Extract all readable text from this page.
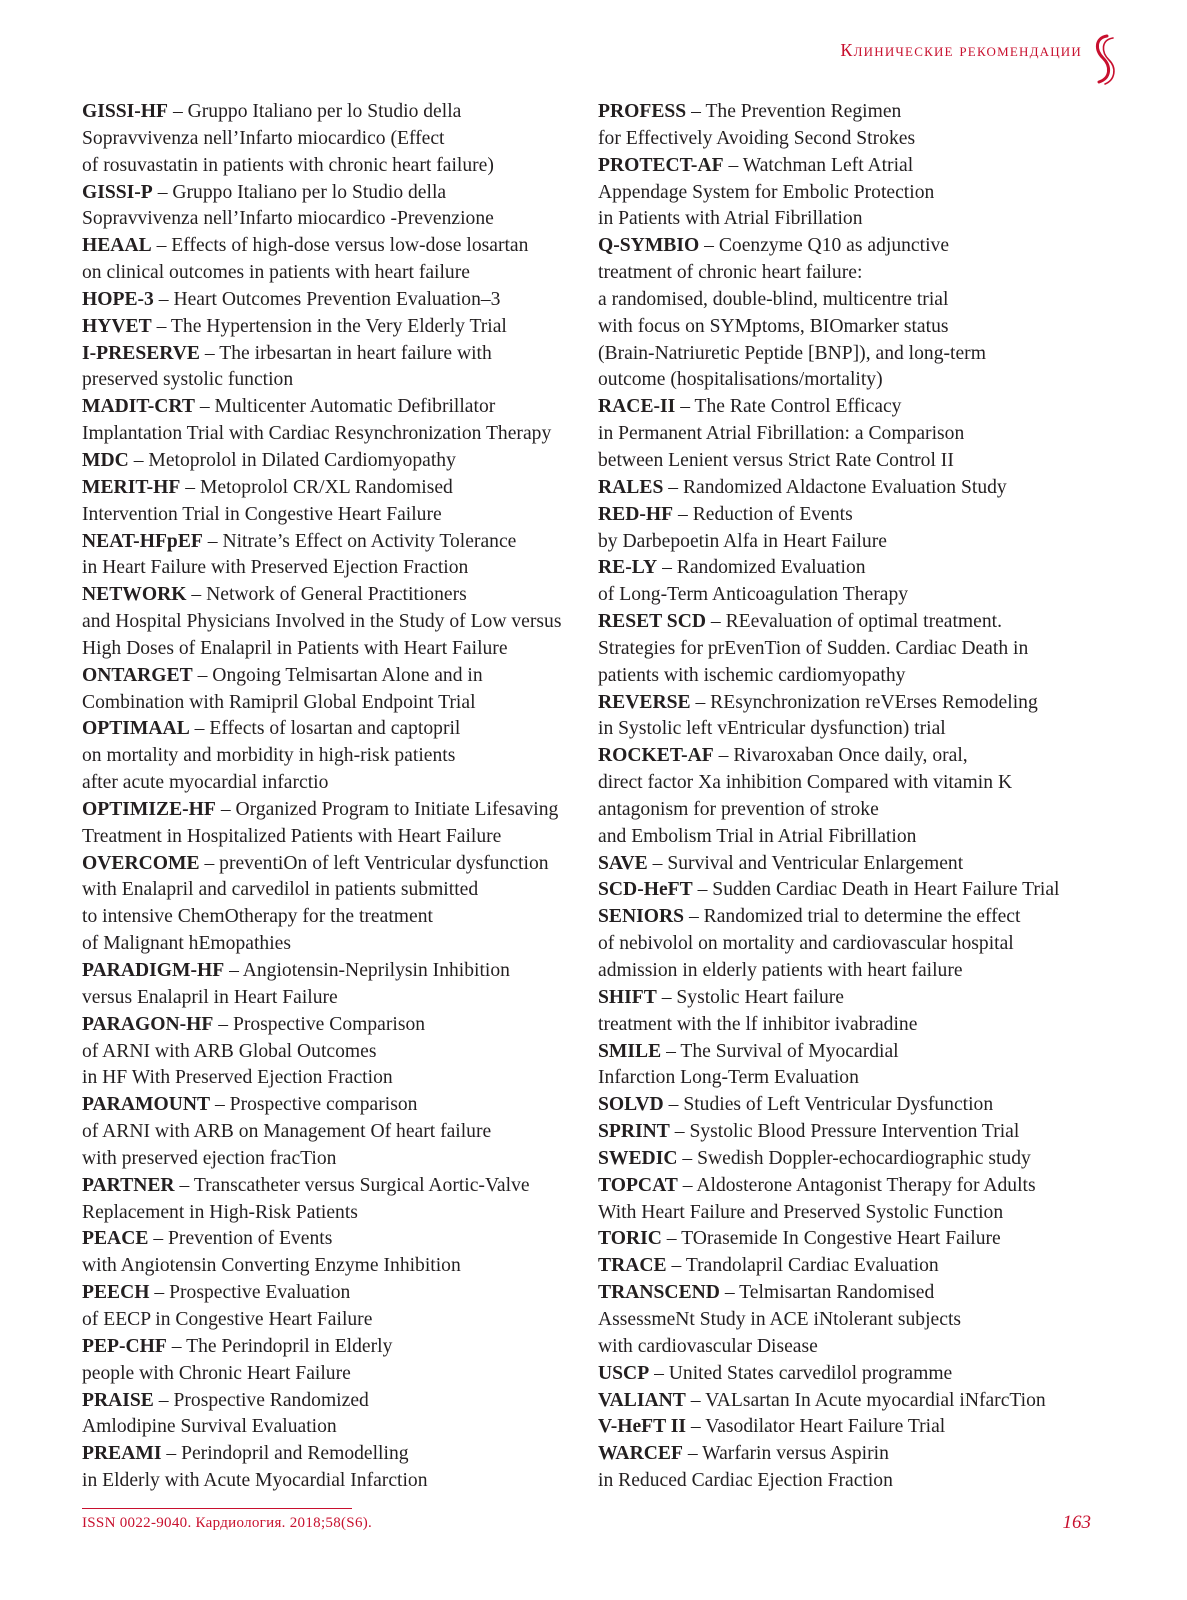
Клинические рекомендации
GISSI-HF – Gruppo Italiano per lo Studio della
Sopravvivenza nell’Infarto miocardico (Effect
of rosuvastatin in patients with chronic heart failure)
GISSI-P – Gruppo Italiano per lo Studio della
Sopravvivenza nell’Infarto miocardico -Prevenzione
HEAAL – Effects of high-dose versus low-dose losartan
on clinical outcomes in patients with heart failure
HOPE-3 – Heart Outcomes Prevention Evaluation–3
HYVET – The Hypertension in the Very Elderly Trial
I-PRESERVE – The irbesartan in heart failure with
preserved systolic function
MADIT-CRT – Multicenter Automatic Defibrillator
Implantation Trial with Cardiac Resynchronization Therapy
MDC – Metoprolol in Dilated Cardiomyopathy
MERIT-HF – Metoprolol CR/XL Randomised
Intervention Trial in Congestive Heart Failure
NEAT-HFpEF – Nitrate’s Effect on Activity Tolerance
in Heart Failure with Preserved Ejection Fraction
NETWORK – Network of General Practitioners
and Hospital Physicians Involved in the Study of Low versus
High Doses of Enalapril in Patients with Heart Failure
ONTARGET – Ongoing Telmisartan Alone and in
Combination with Ramipril Global Endpoint Trial
OPTIMAAL – Effects of losartan and captopril
on mortality and morbidity in high-risk patients
after acute myocardial infarctio
OPTIMIZE-HF – Organized Program to Initiate Lifesaving
Treatment in Hospitalized Patients with Heart Failure
OVERCOME – preventiOn of left Ventricular dysfunction
with Enalapril and carvedilol in patients submitted
to intensive ChemOtherapy for the treatment
of Malignant hEmopathies
PARADIGM-HF – Angiotensin-Neprilysin Inhibition
versus Enalapril in Heart Failure
PARAGON-HF – Prospective Comparison
of ARNI with ARB Global Outcomes
in HF With Preserved Ejection Fraction
PARAMOUNT – Prospective comparison
of ARNI with ARB on Management Of heart failure
with preserved ejection fracTion
PARTNER – Transcatheter versus Surgical Aortic-Valve
Replacement in High-Risk Patients
PEACE – Prevention of Events
with Angiotensin Converting Enzyme Inhibition
PEECH – Prospective Evaluation
of EECP in Congestive Heart Failure
PEP-CHF – The Perindopril in Elderly
people with Chronic Heart Failure
PRAISE – Prospective Randomized
Amlodipine Survival Evaluation
PREAMI – Perindopril and Remodelling
in Elderly with Acute Myocardial Infarction
PROFESS – The Prevention Regimen
for Effectively Avoiding Second Strokes
PROTECT-AF – Watchman Left Atrial
Appendage System for Embolic Protection
in Patients with Atrial Fibrillation
Q-SYMBIO – Coenzyme Q10 as adjunctive
treatment of chronic heart failure:
a randomised, double-blind, multicentre trial
with focus on SYMptoms, BIOmarker status
(Brain-Natriuretic Peptide [BNP]), and long-term
outcome (hospitalisations/mortality)
RACE-II – The Rate Control Efficacy
in Permanent Atrial Fibrillation: a Comparison
between Lenient versus Strict Rate Control II
RALES – Randomized Aldactone Evaluation Study
RED-HF – Reduction of Events
by Darbepoetin Alfa in Heart Failure
RE-LY – Randomized Evaluation
of Long-Term Anticoagulation Therapy
RESET SCD – REevaluation of optimal treatment.
Strategies for prEvenTion of Sudden. Cardiac Death in
patients with ischemic cardiomyopathy
REVERSE – REsynchronization reVErses Remodeling
in Systolic left vEntricular dysfunction) trial
ROCKET-AF – Rivaroxaban Once daily, oral,
direct factor Xa inhibition Compared with vitamin K
antagonism for prevention of stroke
and Embolism Trial in Atrial Fibrillation
SAVE – Survival and Ventricular Enlargement
SCD-HeFT – Sudden Cardiac Death in Heart Failure Trial
SENIORS – Randomized trial to determine the effect
of nebivolol on mortality and cardiovascular hospital
admission in elderly patients with heart failure
SHIFT – Systolic Heart failure
treatment with the lf inhibitor ivabradine
SMILE – The Survival of Myocardial
Infarction Long-Term Evaluation
SOLVD – Studies of Left Ventricular Dysfunction
SPRINT – Systolic Blood Pressure Intervention Trial
SWEDIC – Swedish Doppler-echocardiographic study
TOPCAT – Aldosterone Antagonist Therapy for Adults
With Heart Failure and Preserved Systolic Function
TORIC – TOrasemide In Congestive Heart Failure
TRACE – Trandolapril Cardiac Evaluation
TRANSCEND – Telmisartan Randomised
AssessmeNt Study in ACE iNtolerant subjects
with cardiovascular Disease
USCP – United States carvedilol programme
VALIANT – VALsartan In Acute myocardial iNfarcTion
V-HeFT II – Vasodilator Heart Failure Trial
WARCEF – Warfarin versus Aspirin
in Reduced Cardiac Ejection Fraction
ISSN 0022-9040. Кардиология. 2018;58(S6).	163
